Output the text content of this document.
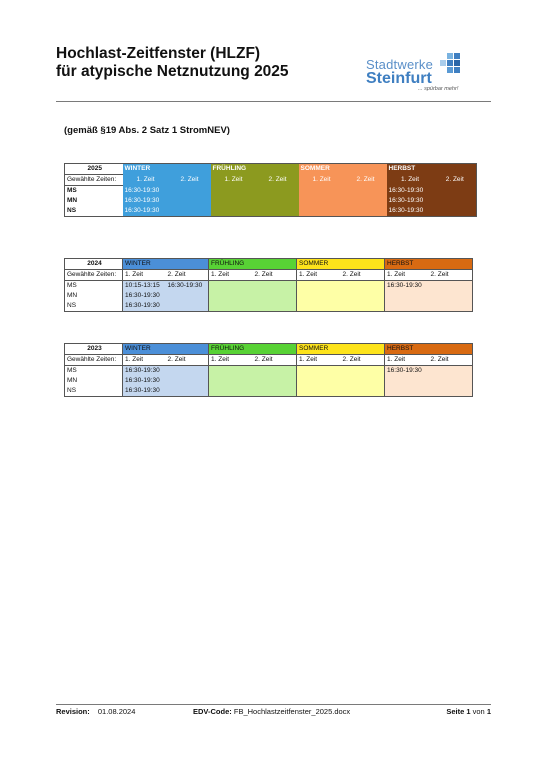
Hochlast-Zeitfenster (HLZF)
für atypische Netznutzung 2025	Stadtwerke
Steinfurt
... spürbar mehr!
(gemäß §19 Abs. 2 Satz 1 StromNEV)
2025	WINTER		FRÜHLING		SOMMER		HERBST	
Gewählte Zeiten:	1. Zeit	2. Zeit	1. Zeit	2. Zeit	1. Zeit	2. Zeit	1. Zeit	2. Zeit
MS	16:30-19:30						16:30-19:30	
MN	16:30-19:30						16:30-19:30	
NS	16:30-19:30						16:30-19:30	
2024	WINTER		FRÜHLING		SOMMER		HERBST	
Gewählte Zeiten:	1. Zeit	2. Zeit	1. Zeit	2. Zeit	1. Zeit	2. Zeit	1. Zeit	2. Zeit
MS	10:15-13:15	16:30-19:30					16:30-19:30	
MN	16:30-19:30							
NS	16:30-19:30							
2023	WINTER		FRÜHLING		SOMMER		HERBST	
Gewählte Zeiten:	1. Zeit	2. Zeit	1. Zeit	2. Zeit	1. Zeit	2. Zeit	1. Zeit	2. Zeit
MS	16:30-19:30						16:30-19:30	
MN	16:30-19:30							
NS	16:30-19:30							
Revision: 01.08.2024	EDV-Code: FB_Hochlastzeitfenster_2025.docx	Seite 1 von 1
